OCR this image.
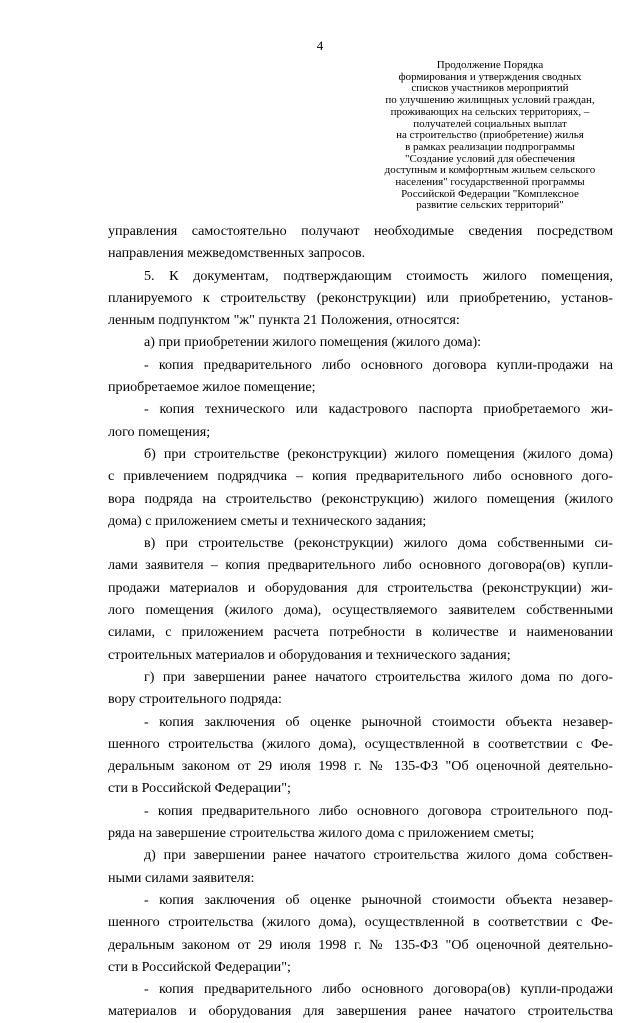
4
Продолжение Порядка
формирования и утверждения сводных
списков участников мероприятий
по улучшению жилищных условий граждан,
проживающих на сельских территориях, –
получателей социальных выплат
на строительство (приобретение) жилья
в рамках реализации подпрограммы
"Создание условий для обеспечения
доступным и комфортным жильем сельского
населения" государственной программы
Российской Федерации "Комплексное
развитие сельских территорий"
управления самостоятельно получают необходимые сведения посредством
направления межведомственных запросов.
5. К документам, подтверждающим стоимость жилого помещения,
планируемого к строительству (реконструкции) или приобретению, установ-
ленным подпунктом "ж" пункта 21 Положения, относятся:
а) при приобретении жилого помещения (жилого дома):
- копия предварительного либо основного договора купли-продажи на
приобретаемое жилое помещение;
- копия технического или кадастрового паспорта приобретаемого жи-
лого помещения;
б) при строительстве (реконструкции) жилого помещения (жилого дома)
с привлечением подрядчика – копия предварительного либо основного дого-
вора подряда на строительство (реконструкцию) жилого помещения (жилого
дома) с приложением сметы и технического задания;
в) при строительстве (реконструкции) жилого дома собственными си-
лами заявителя – копия предварительного либо основного договора(ов) купли-
продажи материалов и оборудования для строительства (реконструкции) жи-
лого помещения (жилого дома), осуществляемого заявителем собственными
силами, с приложением расчета потребности в количестве и наименовании
строительных материалов и оборудования и технического задания;
г) при завершении ранее начатого строительства жилого дома по дого-
вору строительного подряда:
- копия заключения об оценке рыночной стоимости объекта незавер-
шенного строительства (жилого дома), осуществленной в соответствии с Фе-
деральным законом от 29 июля 1998 г. № 135-ФЗ "Об оценочной деятельно-
сти в Российской Федерации";
- копия предварительного либо основного договора строительного под-
ряда на завершение строительства жилого дома с приложением сметы;
д) при завершении ранее начатого строительства жилого дома собствен-
ными силами заявителя:
- копия заключения об оценке рыночной стоимости объекта незавер-
шенного строительства (жилого дома), осуществленной в соответствии с Фе-
деральным законом от 29 июля 1998 г. № 135-ФЗ "Об оценочной деятельно-
сти в Российской Федерации";
- копия предварительного либо основного договора(ов) купли-продажи
материалов и оборудования для завершения ранее начатого строительства
